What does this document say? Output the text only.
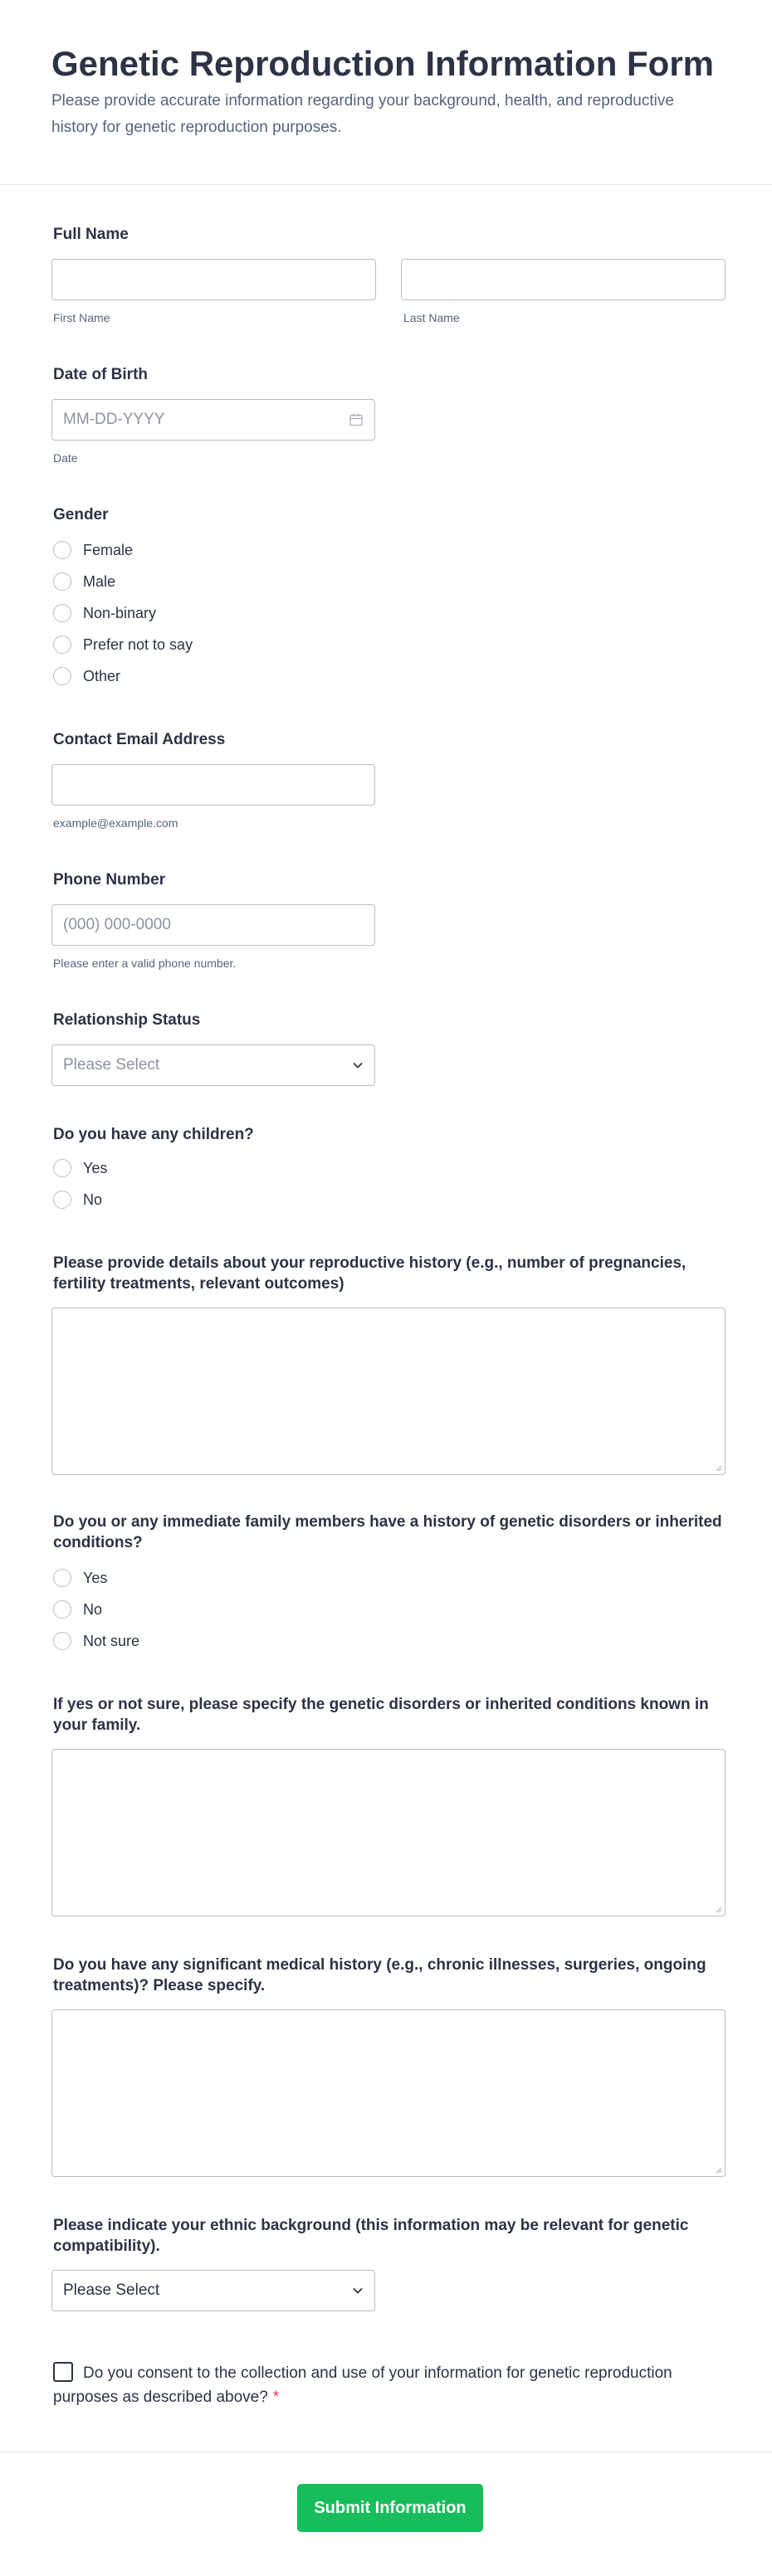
Genetic Reproduction Information Form
Please provide accurate information regarding your background, health, and reproductive history for genetic reproduction purposes.
Full Name
First Name	Last Name
Date of Birth
MM-DD-YYYY
Date
Gender
Female
Male
Non-binary
Prefer not to say
Other
Contact Email Address
example@example.com
Phone Number
(000) 000-0000
Please enter a valid phone number.
Relationship Status
Please Select
Do you have any children?
Yes
No
Please provide details about your reproductive history (e.g., number of pregnancies, fertility treatments, relevant outcomes)
Do you or any immediate family members have a history of genetic disorders or inherited conditions?
Yes
No
Not sure
If yes or not sure, please specify the genetic disorders or inherited conditions known in your family.
Do you have any significant medical history (e.g., chronic illnesses, surgeries, ongoing treatments)? Please specify.
Please indicate your ethnic background (this information may be relevant for genetic compatibility).
Please Select
Do you consent to the collection and use of your information for genetic reproduction purposes as described above? *
Submit Information
